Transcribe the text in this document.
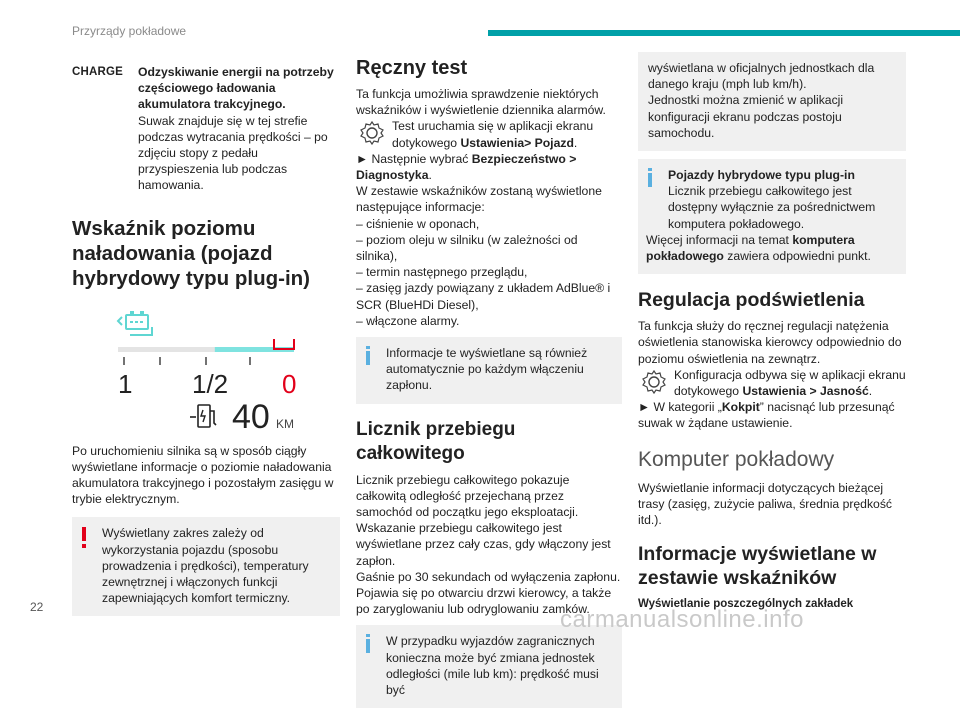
Przyrządy pokładowe
CHARGE	Odzyskiwanie energii na potrzeby częściowego ładowania akumulatora trakcyjnego.

Suwak znajduje się w tej strefie podczas wytracania prędkości – po zdjęciu stopy z pedału przyspieszenia lub podczas hamowania.

Wskaźnik poziomu naładowania (pojazd hybrydowy typu plug-in)
1 1/2 0
40 KM

Po uruchomieniu silnika są w sposób ciągły wyświetlane informacje o poziomie naładowania akumulatora trakcyjnego i pozostałym zasięgu w trybie elektrycznym.

Wyświetlany zakres zależy od wykorzystania pojazdu (sposobu prowadzenia i prędkości), temperatury zewnętrznej i włączonych funkcji zapewniających komfort termiczny.

Ręczny test

Ta funkcja umożliwia sprawdzenie niektórych wskaźników i wyświetlenie dziennika alarmów.

Test uruchamia się w aplikacji ekranu dotykowego Ustawienia> Pojazd.

► Następnie wybrać Bezpieczeństwo > Diagnostyka.

W zestawie wskaźników zostaną wyświetlone następujące informacje:

– ciśnienie w oponach,

– poziom oleju w silniku (w zależności od silnika),

– termin następnego przeglądu,

– zasięg jazdy powiązany z układem AdBlue® i SCR (BlueHDi Diesel),

– włączone alarmy.

Informacje te wyświetlane są również automatycznie po każdym włączeniu zapłonu.

Licznik przebiegu całkowitego

Licznik przebiegu całkowitego pokazuje całkowitą odległość przejechaną przez samochód od początku jego eksploatacji.

Wskazanie przebiegu całkowitego jest wyświetlane przez cały czas, gdy włączony jest zapłon.

Gaśnie po 30 sekundach od wyłączenia zapłonu. Pojawia się po otwarciu drzwi kierowcy, a także po zaryglowaniu lub odryglowaniu zamków.

W przypadku wyjazdów zagranicznych konieczna może być zmiana jednostek odległości (mile lub km): prędkość musi być

wyświetlana w oficjalnych jednostkach dla danego kraju (mph lub km/h).

Jednostki można zmienić w aplikacji konfiguracji ekranu podczas postoju samochodu.

Pojazdy hybrydowe typu plug-in

Licznik przebiegu całkowitego jest dostępny wyłącznie za pośrednictwem komputera pokładowego.

Więcej informacji na temat komputera pokładowego zawiera odpowiedni punkt.

Regulacja podświetlenia

Ta funkcja służy do ręcznej regulacji natężenia oświetlenia stanowiska kierowcy odpowiednio do poziomu oświetlenia na zewnątrz.

Konfiguracja odbywa się w aplikacji ekranu dotykowego Ustawienia > Jasność.

► W kategorii „Kokpit” nacisnąć lub przesunąć suwak w żądane ustawienie.

Komputer pokładowy

Wyświetlanie informacji dotyczących bieżącej trasy (zasięg, zużycie paliwa, średnia prędkość itd.).

Informacje wyświetlane w zestawie wskaźników

Wyświetlanie poszczególnych zakładek

22	carmanualsonline.info
